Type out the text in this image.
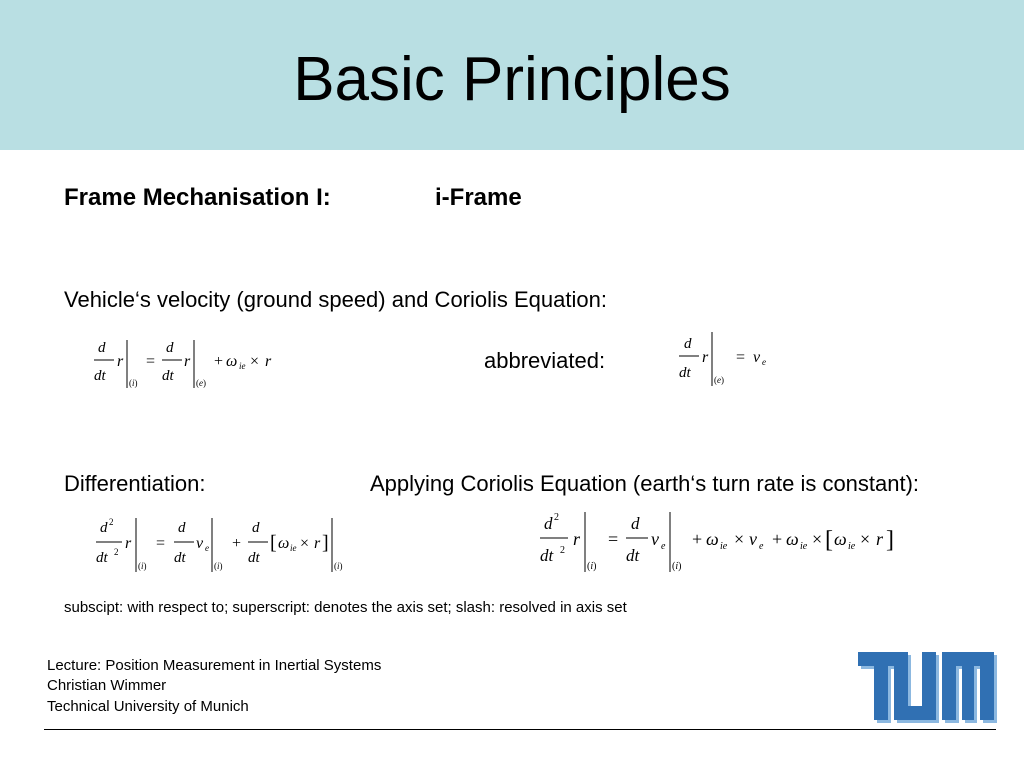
Basic Principles
Frame Mechanisation I:	i-Frame
Vehicle‘s velocity (ground speed) and Coriolis Equation:
d
dt
r
(i)
=
d
dt
r
(e)
+ ω ie × r	abbreviated:
d
dt
r
(e)
= v e
Differentiation:	Applying Coriolis Equation (earth‘s turn rate is constant):
d 2
dt 2 r
(i)
=
d
dt
v e
(i)
+
d
dt
[ ω ie × r ]
(i)
d 2
dt 2
r
(i)
=
d
dt
v e
(i)
+ ω ie × v e + ω ie × [ ω ie × r ]
subscipt: with respect to; superscript: denotes the axis set; slash: resolved in axis set
Lecture: Position Measurement in Inertial Systems
Christian Wimmer
Technical University of Munich
